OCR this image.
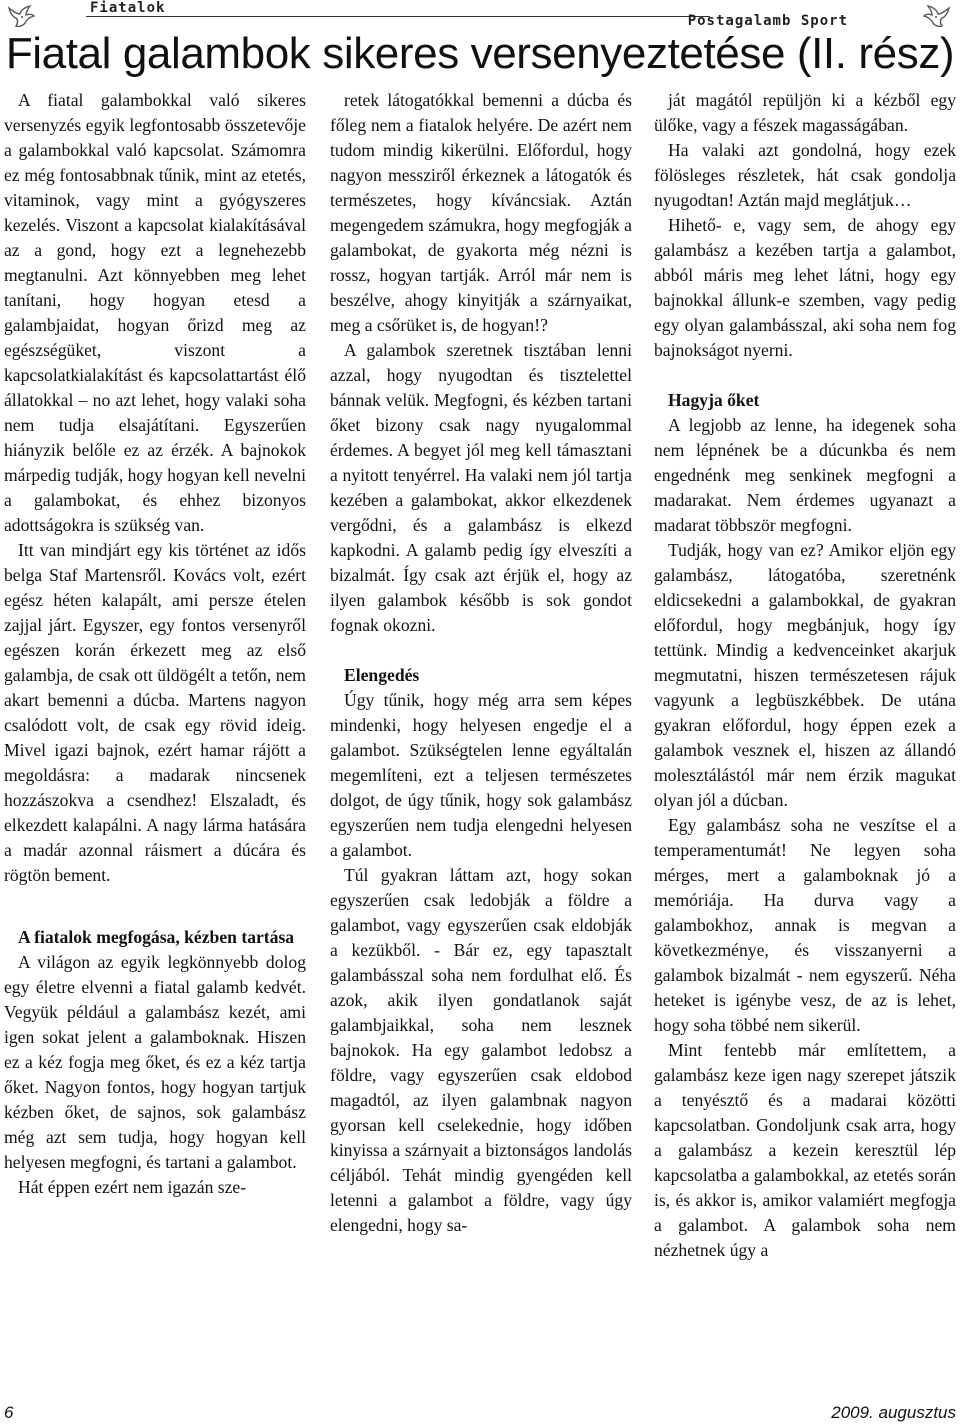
Fiatalok
Postagalamb Sport
Fiatal galambok sikeres versenyeztetése (II. rész)

A fiatal galambokkal való sikeres versenyzés egyik legfontosabb összetevője a galambokkal való kapcsolat. Számomra ez még fontosabbnak tűnik, mint az etetés, vitaminok, vagy mint a gyógyszeres kezelés. Viszont a kapcsolat kialakításával az a gond, hogy ezt a legnehezebb megtanulni. Azt könnyebben meg lehet tanítani, hogy hogyan etesd a galambjaidat, hogyan őrizd meg az egészségüket, viszont a kapcsolatkialakítást és kapcsolattartást élő állatokkal – no azt lehet, hogy valaki soha nem tudja elsajátítani. Egyszerűen hiányzik belőle ez az érzék. A bajnokok márpedig tudják, hogy hogyan kell nevelni a galambokat, és ehhez bizonyos adottságokra is szükség van.

Itt van mindjárt egy kis történet az idős belga Staf Martensről. Kovács volt, ezért egész héten kalapált, ami persze ételen zajjal járt. Egyszer, egy fontos versenyről egészen korán érkezett meg az első galambja, de csak ott üldögélt a tetőn, nem akart bemenni a dúcba. Martens nagyon csalódott volt, de csak egy rövid ideig. Mivel igazi bajnok, ezért hamar rájött a megoldásra: a madarak nincsenek hozzászokva a csendhez! Elszaladt, és elkezdett kalapálni. A nagy lárma hatására a madár azonnal ráismert a dúcára és rögtön bement.

A fiatalok megfogása, kézben tartása

A világon az egyik legkönnyebb dolog egy életre elvenni a fiatal galamb kedvét. Vegyük például a galambász kezét, ami igen sokat jelent a galamboknak. Hiszen ez a kéz fogja meg őket, és ez a kéz tartja őket. Nagyon fontos, hogy hogyan tartjuk kézben őket, de sajnos, sok galambász még azt sem tudja, hogy hogyan kell helyesen megfogni, és tartani a galambot.

Hát éppen ezért nem igazán sze-

retek látogatókkal bemenni a dúcba és főleg nem a fiatalok helyére. De azért nem tudom mindig kikerülni. Előfordul, hogy nagyon messziről érkeznek a látogatók és természetes, hogy kíváncsiak. Aztán megengedem számukra, hogy megfogják a galambokat, de gyakorta még nézni is rossz, hogyan tartják. Arról már nem is beszélve, ahogy kinyitják a szárnyaikat, meg a csőrüket is, de hogyan!?

A galambok szeretnek tisztában lenni azzal, hogy nyugodtan és tisztelettel bánnak velük. Megfogni, és kézben tartani őket bizony csak nagy nyugalommal érdemes. A begyet jól meg kell támasztani a nyitott tenyérrel. Ha valaki nem jól tartja kezében a galambokat, akkor elkezdenek vergődni, és a galambász is elkezd kapkodni. A galamb pedig így elveszíti a bizalmát. Így csak azt érjük el, hogy az ilyen galambok később is sok gondot fognak okozni.

Elengedés

Úgy tűnik, hogy még arra sem képes mindenki, hogy helyesen engedje el a galambot. Szükségtelen lenne egyáltalán megemlíteni, ezt a teljesen természetes dolgot, de úgy tűnik, hogy sok galambász egyszerűen nem tudja elengedni helyesen a galambot.

Túl gyakran láttam azt, hogy sokan egyszerűen csak ledobják a földre a galambot, vagy egyszerűen csak eldobják a kezükből. - Bár ez, egy tapasztalt galambásszal soha nem fordulhat elő. És azok, akik ilyen gondatlanok saját galambjaikkal, soha nem lesznek bajnokok. Ha egy galambot ledobsz a földre, vagy egyszerűen csak eldobod magadtól, az ilyen galambnak nagyon gyorsan kell cselekednie, hogy időben kinyissa a szárnyait a biztonságos landolás céljából. Tehát mindig gyengéden kell letenni a galambot a földre, vagy úgy elengedni, hogy sa-

ját magától repüljön ki a kézből egy ülőke, vagy a fészek magasságában.

Ha valaki azt gondolná, hogy ezek fölösleges részletek, hát csak gondolja nyugodtan! Aztán majd meglátjuk…

Hihető- e, vagy sem, de ahogy egy galambász a kezében tartja a galambot, abból máris meg lehet látni, hogy egy bajnokkal állunk-e szemben, vagy pedig egy olyan galambásszal, aki soha nem fog bajnokságot nyerni.

Hagyja őket

A legjobb az lenne, ha idegenek soha nem lépnének be a dúcunkba és nem engednénk meg senkinek megfogni a madarakat. Nem érdemes ugyanazt a madarat többször megfogni.

Tudják, hogy van ez? Amikor eljön egy galambász, látogatóba, szeretnénk eldicsekedni a galambokkal, de gyakran előfordul, hogy megbánjuk, hogy így tettünk. Mindig a kedvenceinket akarjuk megmutatni, hiszen természetesen rájuk vagyunk a legbüszkébbek. De utána gyakran előfordul, hogy éppen ezek a galambok vesznek el, hiszen az állandó molesztálástól már nem érzik magukat olyan jól a dúcban.

Egy galambász soha ne veszítse el a temperamentumát! Ne legyen soha mérges, mert a galamboknak jó a memóriája. Ha durva vagy a galambokhoz, annak is megvan a következménye, és visszanyerni a galambok bizalmát - nem egyszerű. Néha heteket is igénybe vesz, de az is lehet, hogy soha többé nem sikerül.

Mint fentebb már említettem, a galambász keze igen nagy szerepet játszik a tenyésztő és a madarai közötti kapcsolatban. Gondoljunk csak arra, hogy a galambász a kezein keresztül lép kapcsolatba a galambokkal, az etetés során is, és akkor is, amikor valamiért megfogja a galambot. A galambok soha nem nézhetnek úgy a

6	2009. augusztus
